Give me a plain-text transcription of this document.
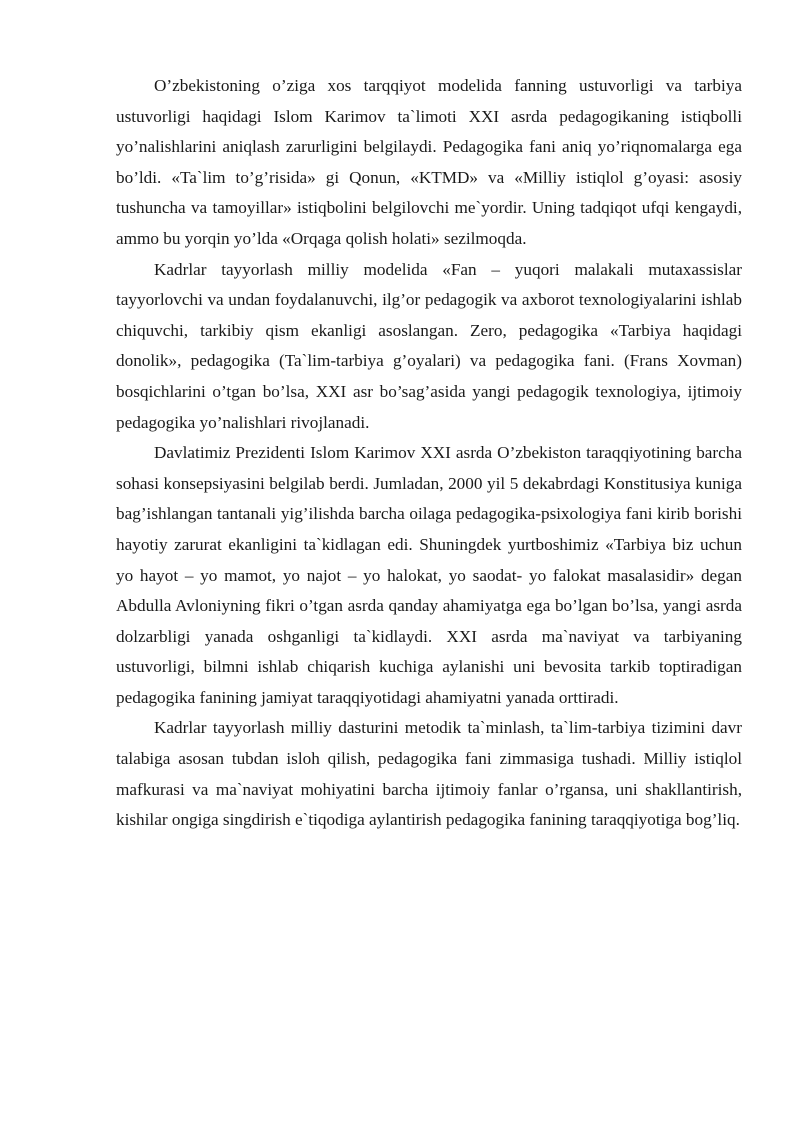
O’zbekistoning o’ziga xos tarqqiyot modelida fanning ustuvorligi va tarbiya ustuvorligi haqidagi Islom Karimov ta`limoti XXI asrda pedagogikaning istiqbolli yo’nalishlarini aniqlash zarurligini belgilaydi. Pedagogika fani aniq yo’riqnomalarga ega bo’ldi. «Ta`lim to’g’risida» gi Qonun, «KTMD» va «Milliy istiqlol g’oyasi: asosiy tushuncha va tamoyillar» istiqbolini belgilovchi me`yordir. Uning tadqiqot ufqi kengaydi, ammo bu yorqin yo’lda «Orqaga qolish holati» sezilmoqda.

Kadrlar tayyorlash milliy modelida «Fan – yuqori malakali mutaxassislar tayyorlovchi va undan foydalanuvchi, ilg’or pedagogik va axborot texnologiyalarini ishlab chiquvchi, tarkibiy qism ekanligi asoslangan. Zero, pedagogika «Tarbiya haqidagi donolik», pedagogika (Ta`lim-tarbiya g’oyalari) va pedagogika fani. (Frans Xovman) bosqichlarini o’tgan bo’lsa, XXI asr bo’sag’asida yangi pedagogik texnologiya, ijtimoiy pedagogika yo’nalishlari rivojlanadi.

Davlatimiz Prezidenti Islom Karimov XXI asrda O’zbekiston taraqqiyotining barcha sohasi konsepsiyasini belgilab berdi. Jumladan, 2000 yil 5 dekabrdagi Konstitusiya kuniga bag’ishlangan tantanali yig’ilishda barcha oilaga pedagogika-psixologiya fani kirib borishi hayotiy zarurat ekanligini ta`kidlagan edi. Shuningdek yurtboshimiz «Tarbiya biz uchun yo hayot – yo mamot, yo najot – yo halokat, yo saodat- yo falokat masalasidir» degan Abdulla Avloniyning fikri o’tgan asrda qanday ahamiyatga ega bo’lgan bo’lsa, yangi asrda dolzarbligi yanada oshganligi ta`kidlaydi. XXI asrda ma`naviyat va tarbiyaning ustuvorligi, bilmni ishlab chiqarish kuchiga aylanishi uni bevosita tarkib toptiradigan pedagogika fanining jamiyat taraqqiyotidagi ahamiyatni yanada orttiradi.

Kadrlar tayyorlash milliy dasturini metodik ta`minlash, ta`lim-tarbiya tizimini davr talabiga asosan tubdan isloh qilish, pedagogika fani zimmasiga tushadi. Milliy istiqlol mafkurasi va ma`naviyat mohiyatini barcha ijtimoiy fanlar o’rgansa, uni shakllantirish, kishilar ongiga singdirish e`tiqodiga aylantirish pedagogika fanining taraqqiyotiga bog’liq.
